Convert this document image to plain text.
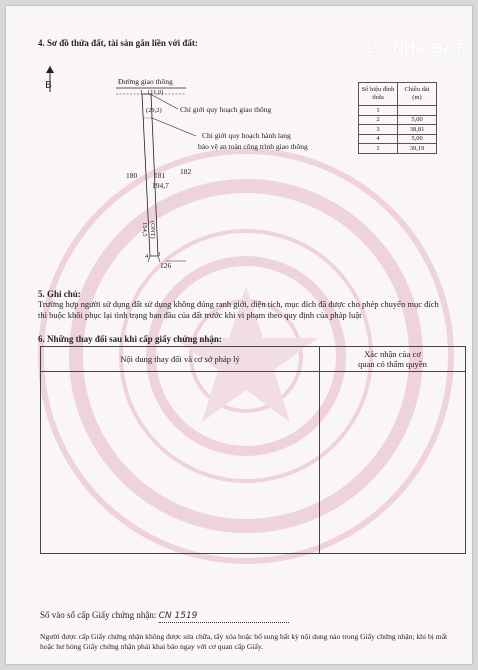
ALO NHÀ ĐẤT
.com.vn
4. Sơ đồ thửa đất, tài sản gắn liền với đất:
B	Đường giao thông
1 (11,0)
(29,2) Chỉ giới quy hoạch giao thông
Chỉ giới quy hoạch hành lang
bảo vệ an toàn công trình giao thông
180 181
194,7
182
(ONT)
154,5
4 3
126
Số hiệu đỉnh thửa	Chiều dài (m)
1	
2	5,00
3	38,81
4	5,00
1	39,19
5. Ghi chú:
Trường hợp người sử dụng đất sử dụng không đúng ranh giới, diện tích, mục đích đã được cho phép chuyển mục đích thì buộc khôi phục lại tình trạng ban đầu của đất trước khi vi phạm theo quy định của pháp luật
6. Những thay đổi sau khi cấp giấy chứng nhận:
Nội dung thay đổi và cơ sở pháp lý	Xác nhận của cơ
quan có thẩm quyền

Số vào sổ cấp Giấy chứng nhận: CN 1519
Người được cấp Giấy chứng nhận không được sửa chữa, tẩy xóa hoặc bổ sung bất kỳ nội dung nào trong Giấy chứng nhận; khi bị mất hoặc hư hỏng Giấy chứng nhận phải khai báo ngay với cơ quan cấp Giấy.
